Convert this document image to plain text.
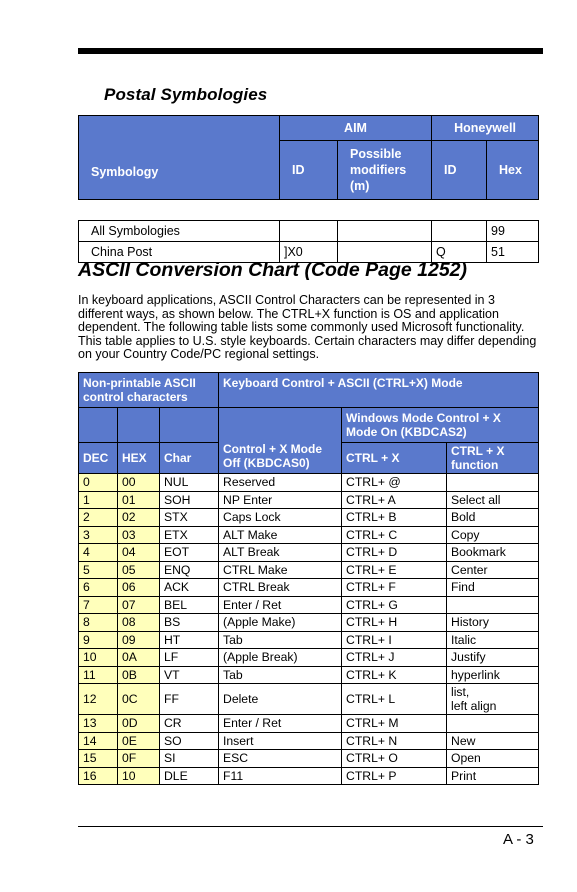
Postal Symbologies
Symbology	AIM		Honeywell	
	ID	Possible modifiers (m)	ID	Hex

All Symbologies				99
China Post	]X0		Q	51
ASCII Conversion Chart (Code Page 1252)

In keyboard applications, ASCII Control Characters can be represented in 3 different ways, as shown below. The CTRL+X function is OS and application dependent. The following table lists some commonly used Microsoft functionality. This table applies to U.S. style keyboards. Certain characters may differ depending on your Country Code/PC regional settings.

Non-printable ASCII control characters			Keyboard Control + ASCII (CTRL+X) Mode		
			Control + X Mode Off (KBDCAS0)	Windows Mode Control + X Mode On (KBDCAS2)	
DEC	HEX	Char		CTRL + X	CTRL + X function
0	00	NUL	Reserved	CTRL+ @	
1	01	SOH	NP Enter	CTRL+ A	Select all
2	02	STX	Caps Lock	CTRL+ B	Bold
3	03	ETX	ALT Make	CTRL+ C	Copy
4	04	EOT	ALT Break	CTRL+ D	Bookmark
5	05	ENQ	CTRL Make	CTRL+ E	Center
6	06	ACK	CTRL Break	CTRL+ F	Find
7	07	BEL	Enter / Ret	CTRL+ G	
8	08	BS	(Apple Make)	CTRL+ H	History
9	09	HT	Tab	CTRL+ I	Italic
10	0A	LF	(Apple Break)	CTRL+ J	Justify
11	0B	VT	Tab	CTRL+ K	hyperlink
12	0C	FF	Delete	CTRL+ L	list,
left align
13	0D	CR	Enter / Ret	CTRL+ M	
14	0E	SO	Insert	CTRL+ N	New
15	0F	SI	ESC	CTRL+ O	Open
16	10	DLE	F11	CTRL+ P	Print
A - 3
